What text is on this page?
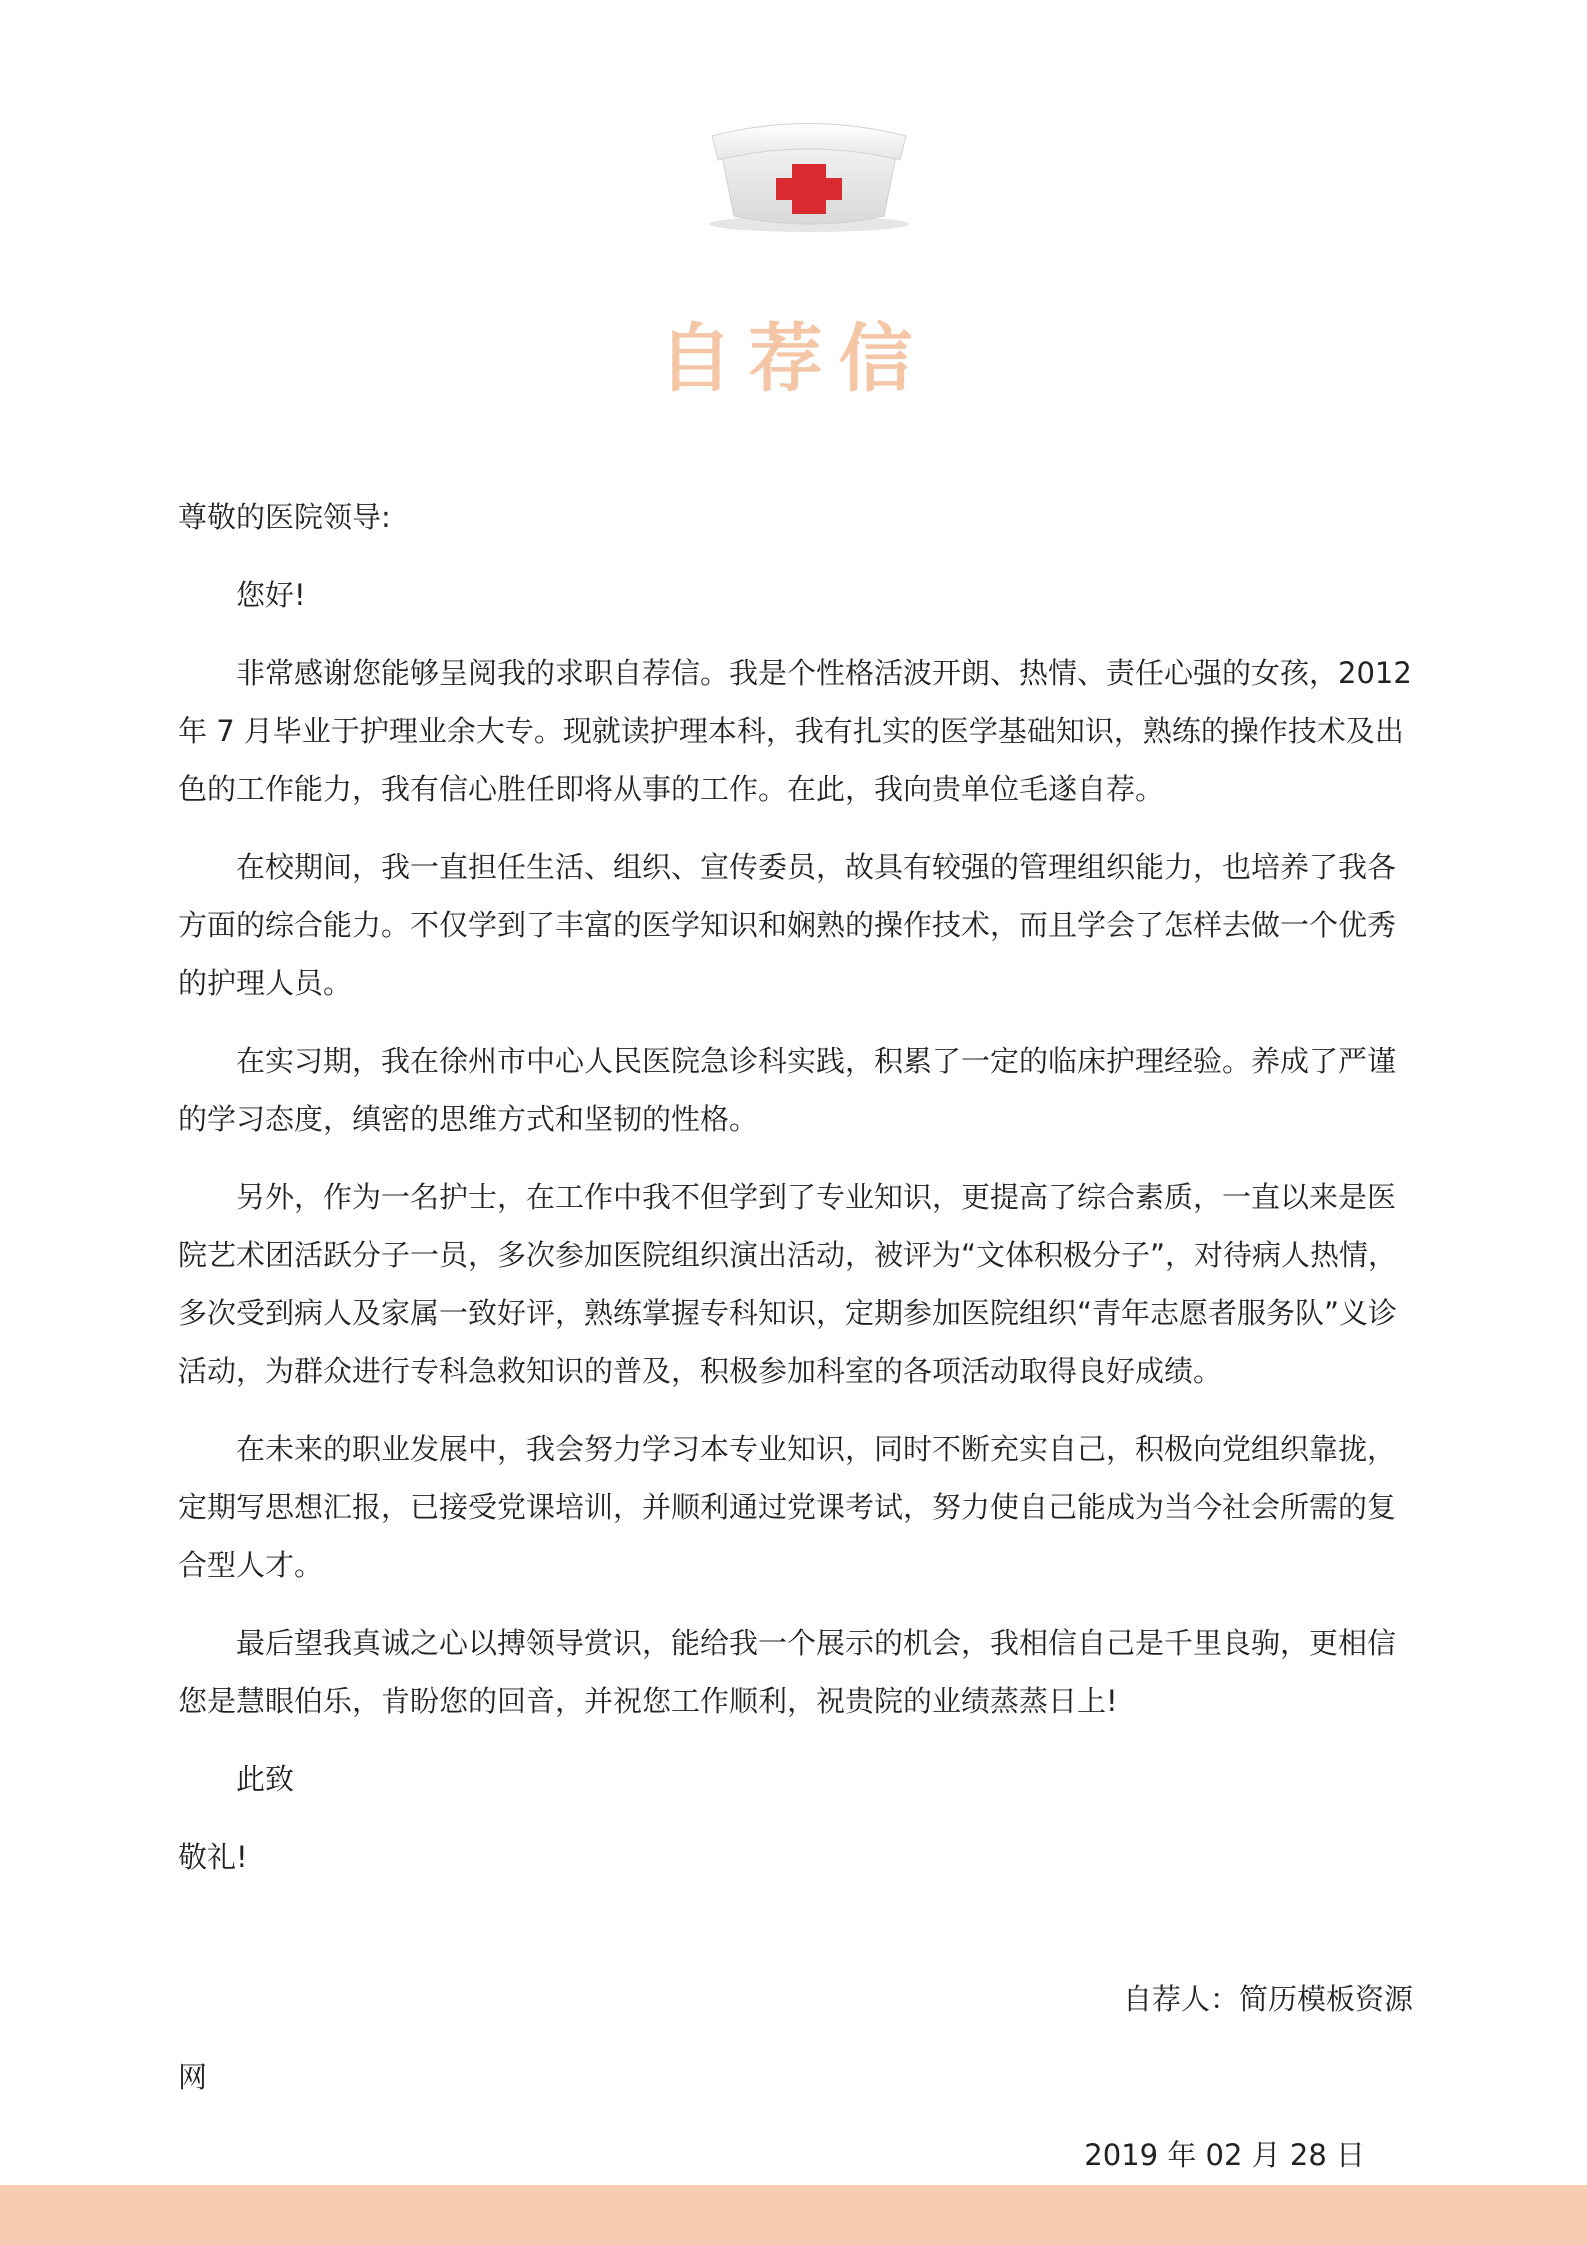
自荐信

尊敬的医院领导:

您好!

非常感谢您能够呈阅我的求职自荐信。我是个性格活波开朗、热情、责任心强的女孩，2012 年 7 月毕业于护理业余大专。现就读护理本科，我有扎实的医学基础知识，熟练的操作技术及出色的工作能力，我有信心胜任即将从事的工作。在此，我向贵单位毛遂自荐。

在校期间，我一直担任生活、组织、宣传委员，故具有较强的管理组织能力，也培养了我各方面的综合能力。不仅学到了丰富的医学知识和娴熟的操作技术，而且学会了怎样去做一个优秀的护理人员。

在实习期，我在徐州市中心人民医院急诊科实践，积累了一定的临床护理经验。养成了严谨的学习态度，缜密的思维方式和坚韧的性格。

另外，作为一名护士，在工作中我不但学到了专业知识，更提高了综合素质，一直以来是医院艺术团活跃分子一员，多次参加医院组织演出活动，被评为“文体积极分子”，对待病人热情，多次受到病人及家属一致好评，熟练掌握专科知识，定期参加医院组织“青年志愿者服务队”义诊活动，为群众进行专科急救知识的普及，积极参加科室的各项活动取得良好成绩。

在未来的职业发展中，我会努力学习本专业知识，同时不断充实自己，积极向党组织靠拢，定期写思想汇报，已接受党课培训，并顺利通过党课考试，努力使自己能成为当今社会所需的复合型人才。

最后望我真诚之心以搏领导赏识，能给我一个展示的机会，我相信自己是千里良驹，更相信您是慧眼伯乐，肯盼您的回音，并祝您工作顺利，祝贵院的业绩蒸蒸日上!

此致

敬礼!

自荐人：简历模板资源

网

2019 年 02 月 28 日
